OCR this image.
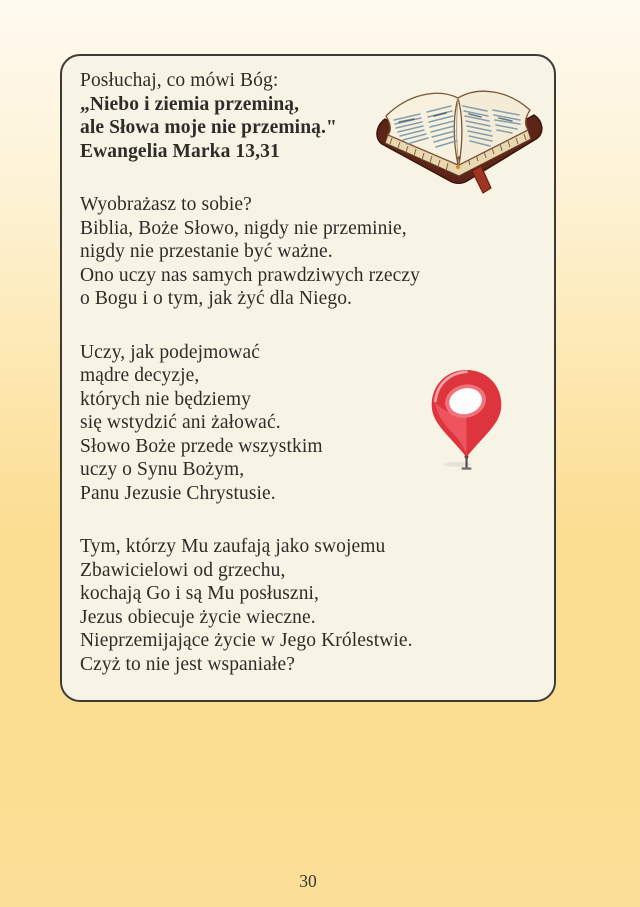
Posłuchaj, co mówi Bóg:
„Niebo i ziemia przeminą,
ale Słowa moje nie przeminą."
Ewangelia Marka 13,31

Wyobrażasz to sobie?
Biblia, Boże Słowo, nigdy nie przeminie,
nigdy nie przestanie być ważne.
Ono uczy nas samych prawdziwych rzeczy
o Bogu i o tym, jak żyć dla Niego.

Uczy, jak podejmować
mądre decyzje,
których nie będziemy
się wstydzić ani żałować.
Słowo Boże przede wszystkim
uczy o Synu Bożym,
Panu Jezusie Chrystusie.

Tym, którzy Mu zaufają jako swojemu
Zbawicielowi od grzechu,
kochają Go i są Mu posłuszni,
Jezus obiecuje życie wieczne.
Nieprzemijające życie w Jego Królestwie.
Czyż to nie jest wspaniałe?

30
